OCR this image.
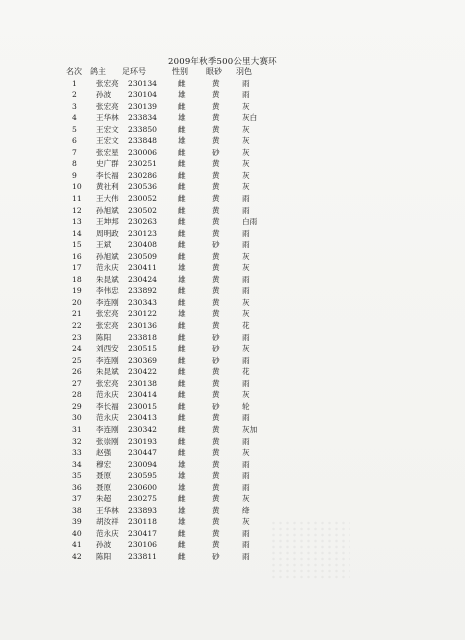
2009年秋季500公里大赛环
名次	鸽主	足环号	性别	眼砂	羽色
1	张宏亮	230134	雌	黄	雨
2	孙波	230104	雄	黄	雨
3	张宏亮	230139	雌	黄	灰
4	王华林	233834	雄	黄	灰白
5	王宏文	233850	雌	黄	灰
6	王宏文	233848	雄	黄	灰
7	张宏星	230006	雌	砂	灰
8	史广群	230251	雌	黄	灰
9	李长福	230286	雌	黄	灰
10	黄社利	230536	雌	黄	灰
11	王大伟	230052	雌	黄	雨
12	孙旭斌	230502	雌	黄	雨
13	王坤邦	230263	雌	黄	白雨
14	周明政	230123	雌	黄	雨
15	王斌	230408	雌	砂	雨
16	孙旭斌	230509	雌	黄	灰
17	范永庆	230411	雄	黄	灰
18	朱昆斌	230424	雄	黄	雨
19	李伟忠	233892	雌	黄	雨
20	李连刚	230343	雌	黄	灰
21	张宏亮	230122	雄	黄	灰
22	张宏亮	230136	雌	黄	花
23	陈阳	233818	雌	砂	雨
24	刘西安	230515	雌	砂	灰
25	李连刚	230369	雌	砂	雨
26	朱昆斌	230422	雌	黄	花
27	张宏亮	230138	雌	黄	雨
28	范永庆	230414	雌	黄	灰
29	李长福	230015	雌	砂	轮
30	范永庆	230413	雌	黄	雨
31	李连刚	230342	雌	黄	灰加
32	张崇刚	230193	雌	黄	雨
33	赵强	230447	雌	黄	灰
34	穆宏	230094	雄	黄	雨
35	聂原	230595	雄	黄	雨
36	聂原	230600	雄	黄	雨
37	朱超	230275	雌	黄	灰
38	王华林	233893	雄	黄	绛
39	胡汝祥	230118	雄	黄	灰
40	范永庆	230417	雌	黄	雨
41	孙波	230106	雌	黄	雨
42	陈阳	233811	雌	砂	雨
